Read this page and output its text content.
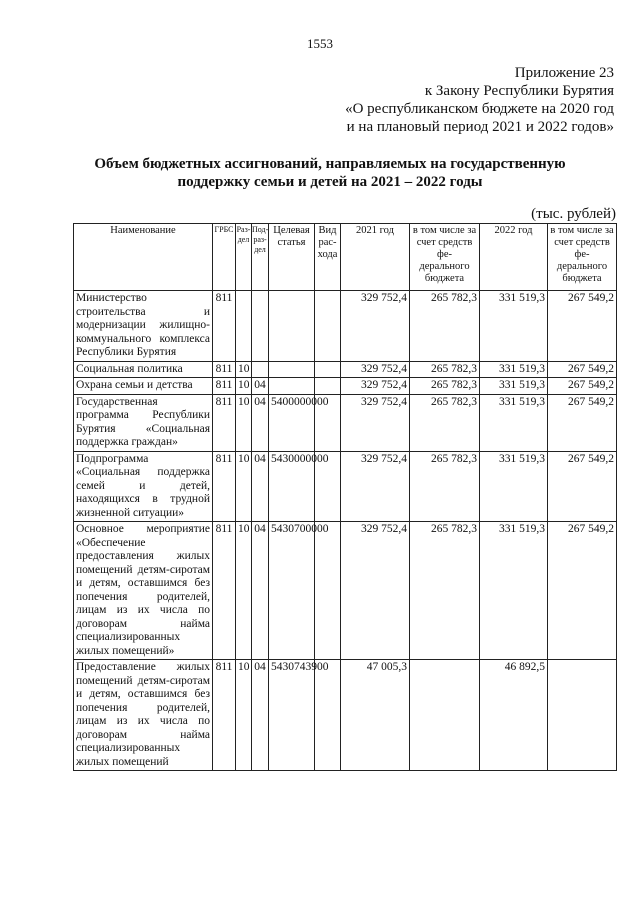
1553
Приложение 23
к Закону Республики Бурятия
«О республиканском бюджете на 2020 год
и на плановый период 2021 и 2022 годов»
Объем бюджетных ассигнований, направляемых на государственную
поддержку семьи и детей на 2021 – 2022 годы
(тыс. рублей)
Наименование	ГРБС	Раз-дел	Под-раз-дел	Целевая статья	Вид рас-хода	2021 год	в том числе за счет средств фе-дерального бюджета	2022 год	в том числе за счет средств фе-дерального бюджета
Министерство строительства и модернизации жилищно-коммунального комплекса Республики Бурятия	811					329 752,4	265 782,3	331 519,3	267 549,2
Социальная политика	811	10				329 752,4	265 782,3	331 519,3	267 549,2
Охрана семьи и детства	811	10	04			329 752,4	265 782,3	331 519,3	267 549,2
Государственная программа Республики Бурятия «Социальная поддержка граждан»	811	10	04	5400000000		329 752,4	265 782,3	331 519,3	267 549,2
Подпрограмма «Социальная поддержка семей и детей, находящихся в трудной жизненной ситуации»	811	10	04	5430000000		329 752,4	265 782,3	331 519,3	267 549,2
Основное мероприятие «Обеспечение предоставления жилых помещений детям-сиротам и детям, оставшимся без попечения родителей, лицам из их числа по договорам найма специализированных жилых помещений»	811	10	04	5430700000		329 752,4	265 782,3	331 519,3	267 549,2
Предоставление жилых помещений детям-сиротам и детям, оставшимся без попечения родителей, лицам из их числа по договорам найма специализированных жилых помещений	811	10	04	5430743900		47 005,3		46 892,5	
